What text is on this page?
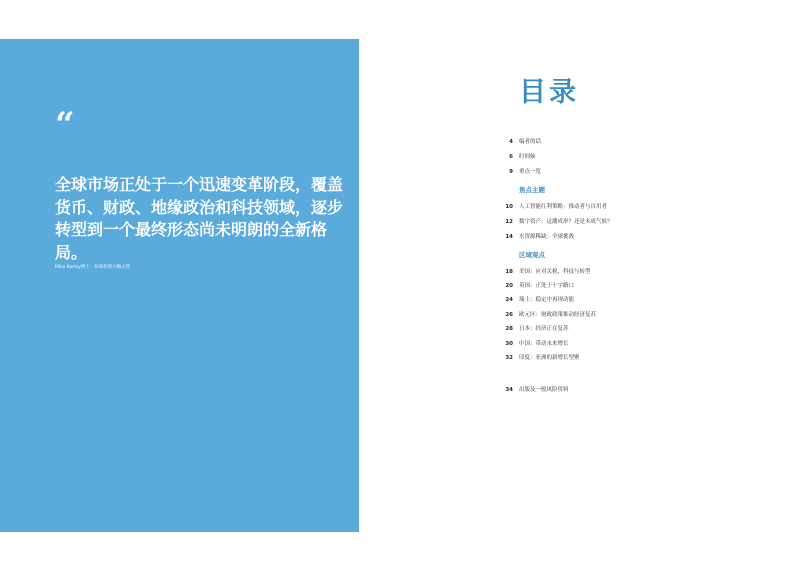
“

全球市场正处于一个迅速变革阶段，覆盖货币、财政、地缘政治和科技领域，逐步转型到一个最终形态尚未明朗的全新格局。

Mike Kerley博士 · 环球投资方略主管
目录
4 编者的话
6 时间轴
9 重点一览
焦点主题
10 人工智能红利策略：推动者与自用者
12 数字资产：这潮成形？还是未成气候？
14 水资源稀缺：全球挑战
区域观点
18 美国：应对关税、科技与转型
20 英国：正处于十字路口
24 瑞士：稳定中再现动能
26 欧元区：财政政策推动经济复苏
28 日本：经济正在复苏
30 中国：带动未来增长
32 印度：亚洲的新增长型聚
34 出版及一般风险资料
